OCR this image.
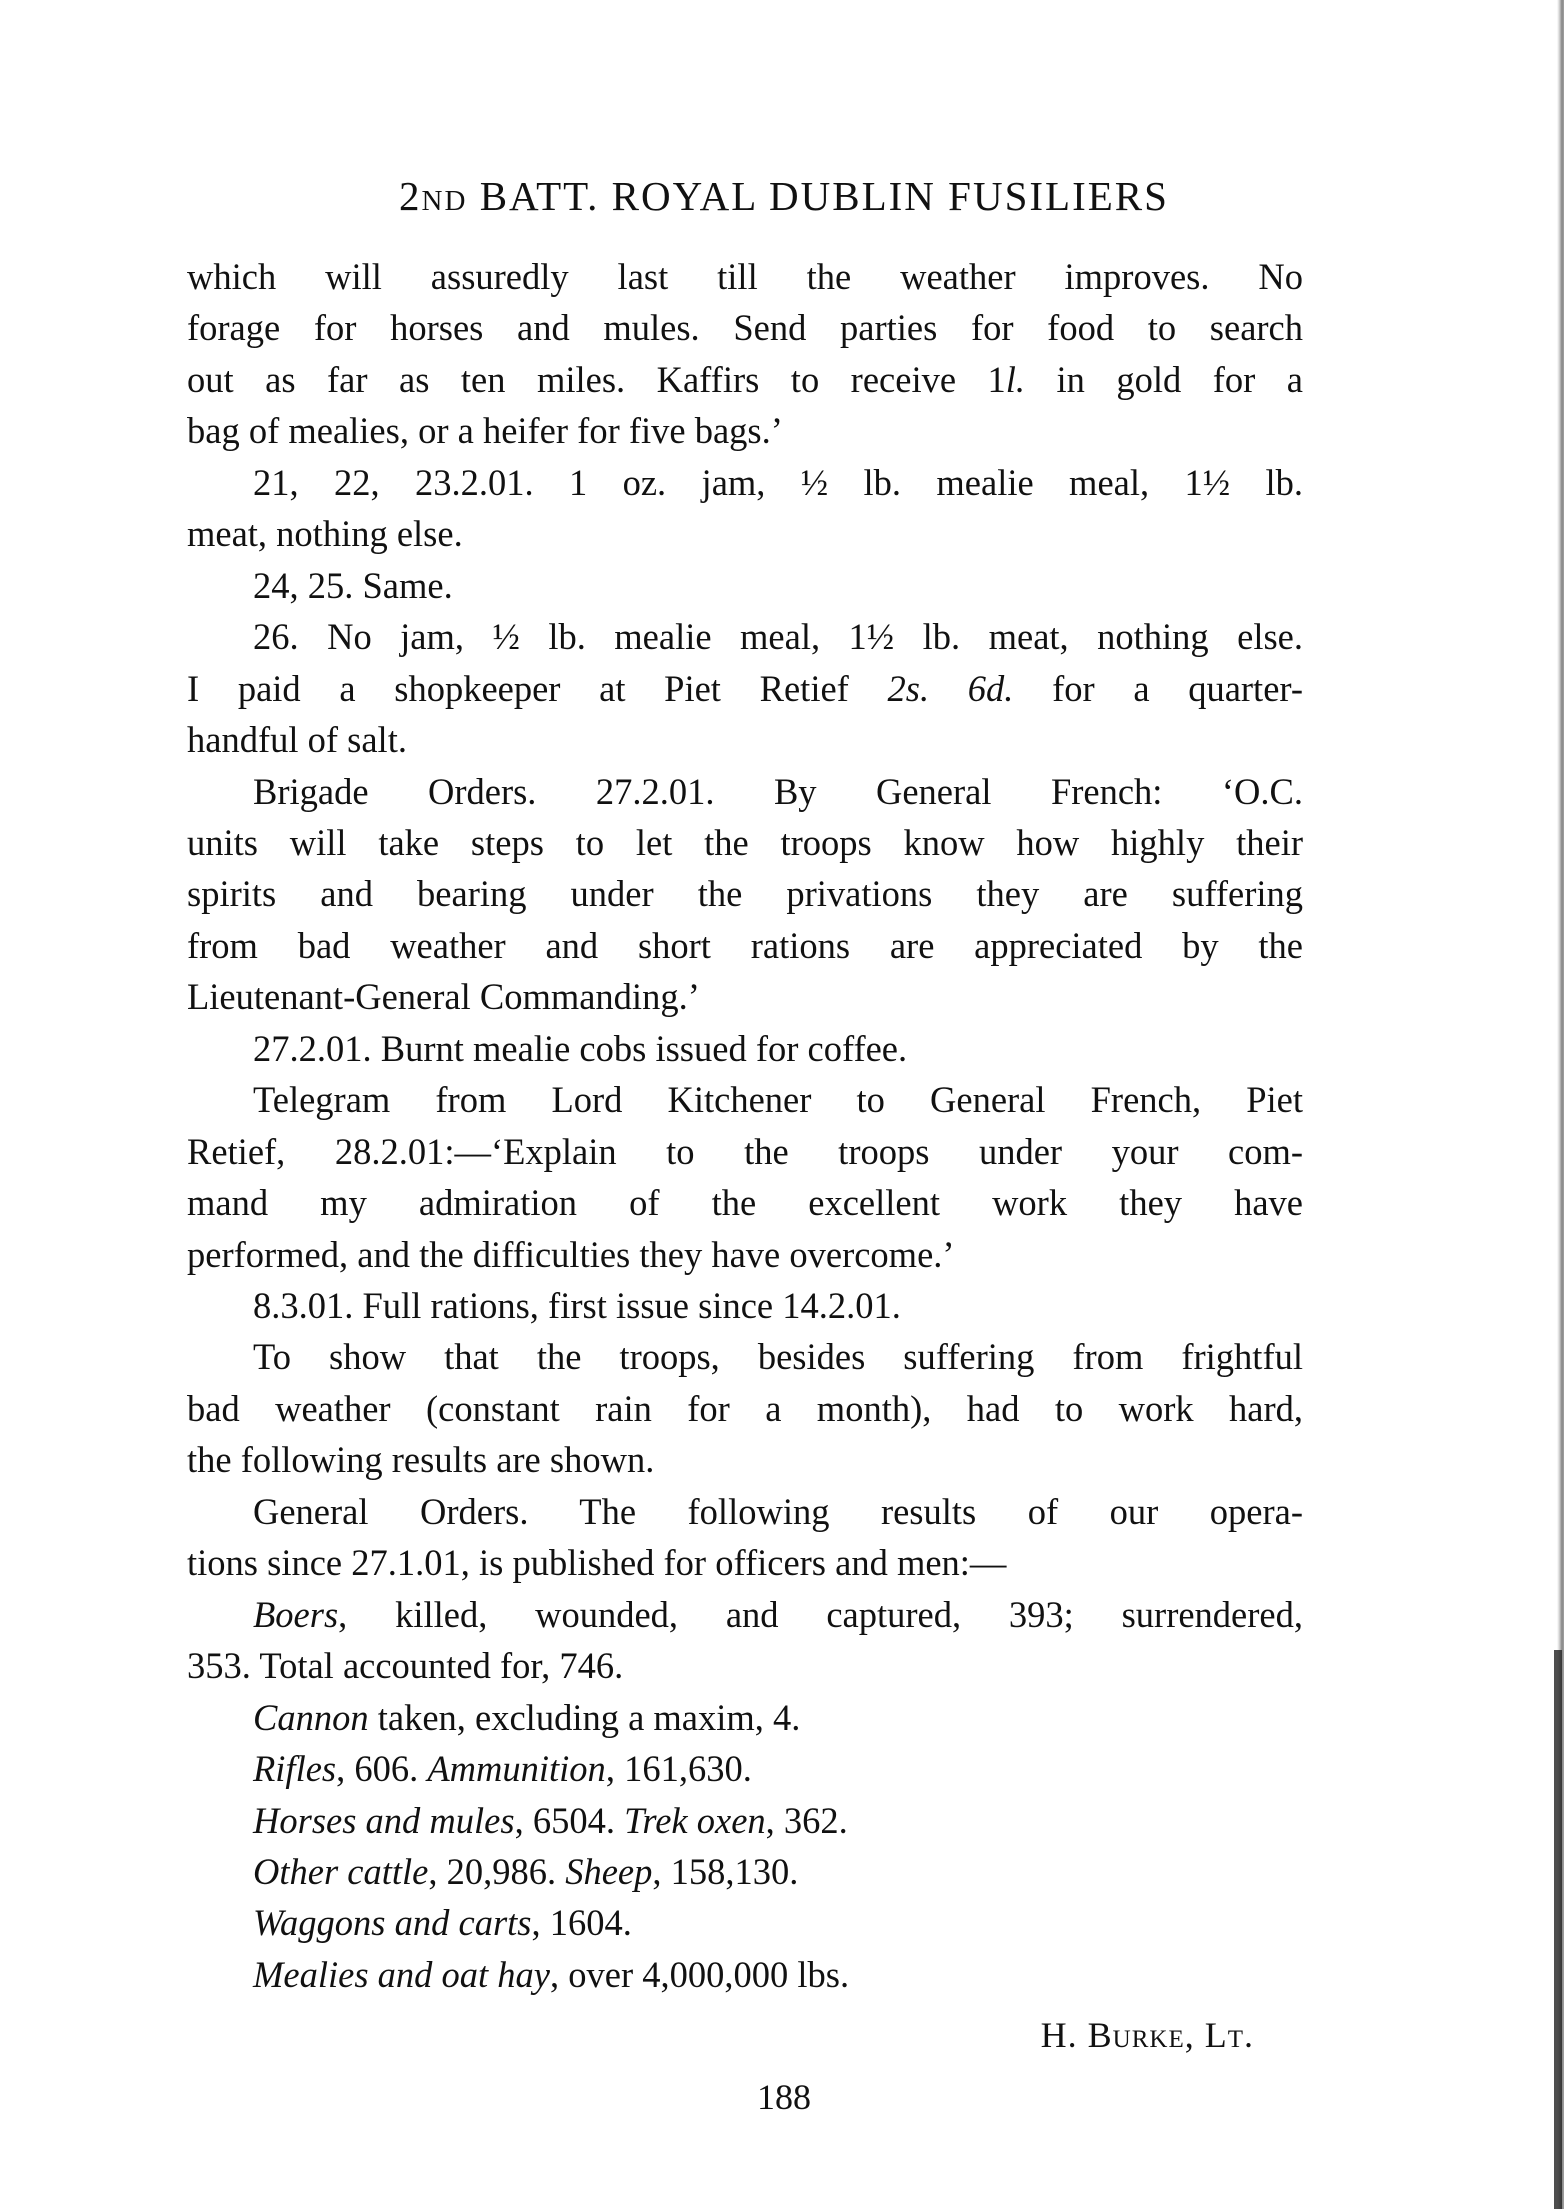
2nd BATT. ROYAL DUBLIN FUSILIERS
which will assuredly last till the weather improves. No
forage for horses and mules. Send parties for food to search
out as far as ten miles. Kaffirs to receive 1l. in gold for a
bag of mealies, or a heifer for five bags.’
21, 22, 23.2.01. 1 oz. jam, ½ lb. mealie meal, 1½ lb.
meat, nothing else.
24, 25. Same.
26. No jam, ½ lb. mealie meal, 1½ lb. meat, nothing else.
I paid a shopkeeper at Piet Retief 2s. 6d. for a quarter-
handful of salt.
Brigade Orders. 27.2.01. By General French: ‘O.C.
units will take steps to let the troops know how highly their
spirits and bearing under the privations they are suffering
from bad weather and short rations are appreciated by the
Lieutenant-General Commanding.’
27.2.01. Burnt mealie cobs issued for coffee.
Telegram from Lord Kitchener to General French, Piet
Retief, 28.2.01:—‘Explain to the troops under your com-
mand my admiration of the excellent work they have
performed, and the difficulties they have overcome.’
8.3.01. Full rations, first issue since 14.2.01.
To show that the troops, besides suffering from frightful
bad weather (constant rain for a month), had to work hard,
the following results are shown.
General Orders. The following results of our opera-
tions since 27.1.01, is published for officers and men:—
Boers, killed, wounded, and captured, 393; surrendered,
353. Total accounted for, 746.
Cannon taken, excluding a maxim, 4.
Rifles, 606. Ammunition, 161,630.
Horses and mules, 6504. Trek oxen, 362.
Other cattle, 20,986. Sheep, 158,130.
Waggons and carts, 1604.
Mealies and oat hay, over 4,000,000 lbs.
H. Burke, Lt.
188
